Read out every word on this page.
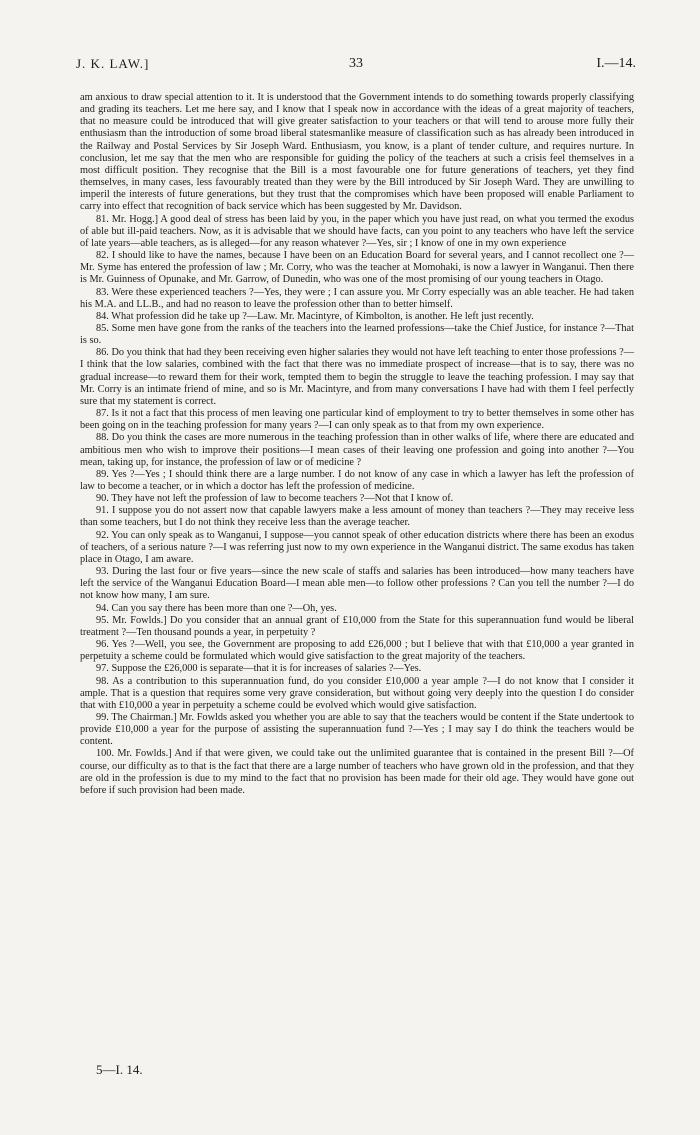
J. K. LAW.]	33	I.—14.

am anxious to draw special attention to it. It is understood that the Government intends to do something towards properly classifying and grading its teachers. Let me here say, and I know that I speak now in accordance with the ideas of a great majority of teachers, that no measure could be introduced that will give greater satisfaction to your teachers or that will tend to arouse more fully their enthusiasm than the introduction of some broad liberal statesmanlike measure of classification such as has already been introduced in the Railway and Postal Services by Sir Joseph Ward. Enthusiasm, you know, is a plant of tender culture, and requires nurture. In conclusion, let me say that the men who are responsible for guiding the policy of the teachers at such a crisis feel themselves in a most difficult position. They recognise that the Bill is a most favourable one for future generations of teachers, yet they find themselves, in many cases, less favourably treated than they were by the Bill introduced by Sir Joseph Ward. They are unwilling to imperil the interests of future generations, but they trust that the compromises which have been proposed will enable Parliament to carry into effect that recognition of back service which has been suggested by Mr. Davidson.

81. Mr. Hogg.] A good deal of stress has been laid by you, in the paper which you have just read, on what you termed the exodus of able but ill-paid teachers. Now, as it is advisable that we should have facts, can you point to any teachers who have left the service of late years—able teachers, as is alleged—for any reason whatever ?—Yes, sir ; I know of one in my own experience

82. I should like to have the names, because I have been on an Education Board for several years, and I cannot recollect one ?—Mr. Syme has entered the profession of law ; Mr. Corry, who was the teacher at Momohaki, is now a lawyer in Wanganui. Then there is Mr. Guinness of Opunake, and Mr. Garrow, of Dunedin, who was one of the most promising of our young teachers in Otago.

83. Were these experienced teachers ?—Yes, they were ; I can assure you. Mr Corry especially was an able teacher. He had taken his M.A. and LL.B., and had no reason to leave the profession other than to better himself.

84. What profession did he take up ?—Law. Mr. Macintyre, of Kimbolton, is another. He left just recently.

85. Some men have gone from the ranks of the teachers into the learned professions—take the Chief Justice, for instance ?—That is so.

86. Do you think that had they been receiving even higher salaries they would not have left teaching to enter those professions ?—I think that the low salaries, combined with the fact that there was no immediate prospect of increase—that is to say, there was no gradual increase—to reward them for their work, tempted them to begin the struggle to leave the teaching profession. I may say that Mr. Corry is an intimate friend of mine, and so is Mr. Macintyre, and from many conversations I have had with them I feel perfectly sure that my statement is correct.

87. Is it not a fact that this process of men leaving one particular kind of employment to try to better themselves in some other has been going on in the teaching profession for many years ?—I can only speak as to that from my own experience.

88. Do you think the cases are more numerous in the teaching profession than in other walks of life, where there are educated and ambitious men who wish to improve their positions—I mean cases of their leaving one profession and going into another ?—You mean, taking up, for instance, the profession of law or of medicine ?

89. Yes ?—Yes ; I should think there are a large number. I do not know of any case in which a lawyer has left the profession of law to become a teacher, or in which a doctor has left the profession of medicine.

90. They have not left the profession of law to become teachers ?—Not that I know of.

91. I suppose you do not assert now that capable lawyers make a less amount of money than teachers ?—They may receive less than some teachers, but I do not think they receive less than the average teacher.

92. You can only speak as to Wanganui, I suppose—you cannot speak of other education districts where there has been an exodus of teachers, of a serious nature ?—I was referring just now to my own experience in the Wanganui district. The same exodus has taken place in Otago, I am aware.

93. During the last four or five years—since the new scale of staffs and salaries has been introduced—how many teachers have left the service of the Wanganui Education Board—I mean able men—to follow other professions ? Can you tell the number ?—I do not know how many, I am sure.

94. Can you say there has been more than one ?—Oh, yes.

95. Mr. Fowlds.] Do you consider that an annual grant of £10,000 from the State for this superannuation fund would be liberal treatment ?—Ten thousand pounds a year, in perpetuity ?

96. Yes ?—Well, you see, the Government are proposing to add £26,000 ; but I believe that with that £10,000 a year granted in perpetuity a scheme could be formulated which would give satisfaction to the great majority of the teachers.

97. Suppose the £26,000 is separate—that it is for increases of salaries ?—Yes.

98. As a contribution to this superannuation fund, do you consider £10,000 a year ample ?—I do not know that I consider it ample. That is a question that requires some very grave consideration, but without going very deeply into the question I do consider that with £10,000 a year in perpetuity a scheme could be evolved which would give satisfaction.

99. The Chairman.] Mr. Fowlds asked you whether you are able to say that the teachers would be content if the State undertook to provide £10,000 a year for the purpose of assisting the superannuation fund ?—Yes ; I may say I do think the teachers would be content.

100. Mr. Fowlds.] And if that were given, we could take out the unlimited guarantee that is contained in the present Bill ?—Of course, our difficulty as to that is the fact that there are a large number of teachers who have grown old in the profession, and that they are old in the profession is due to my mind to the fact that no provision has been made for their old age. They would have gone out before if such provision had been made.

5—I. 14.
